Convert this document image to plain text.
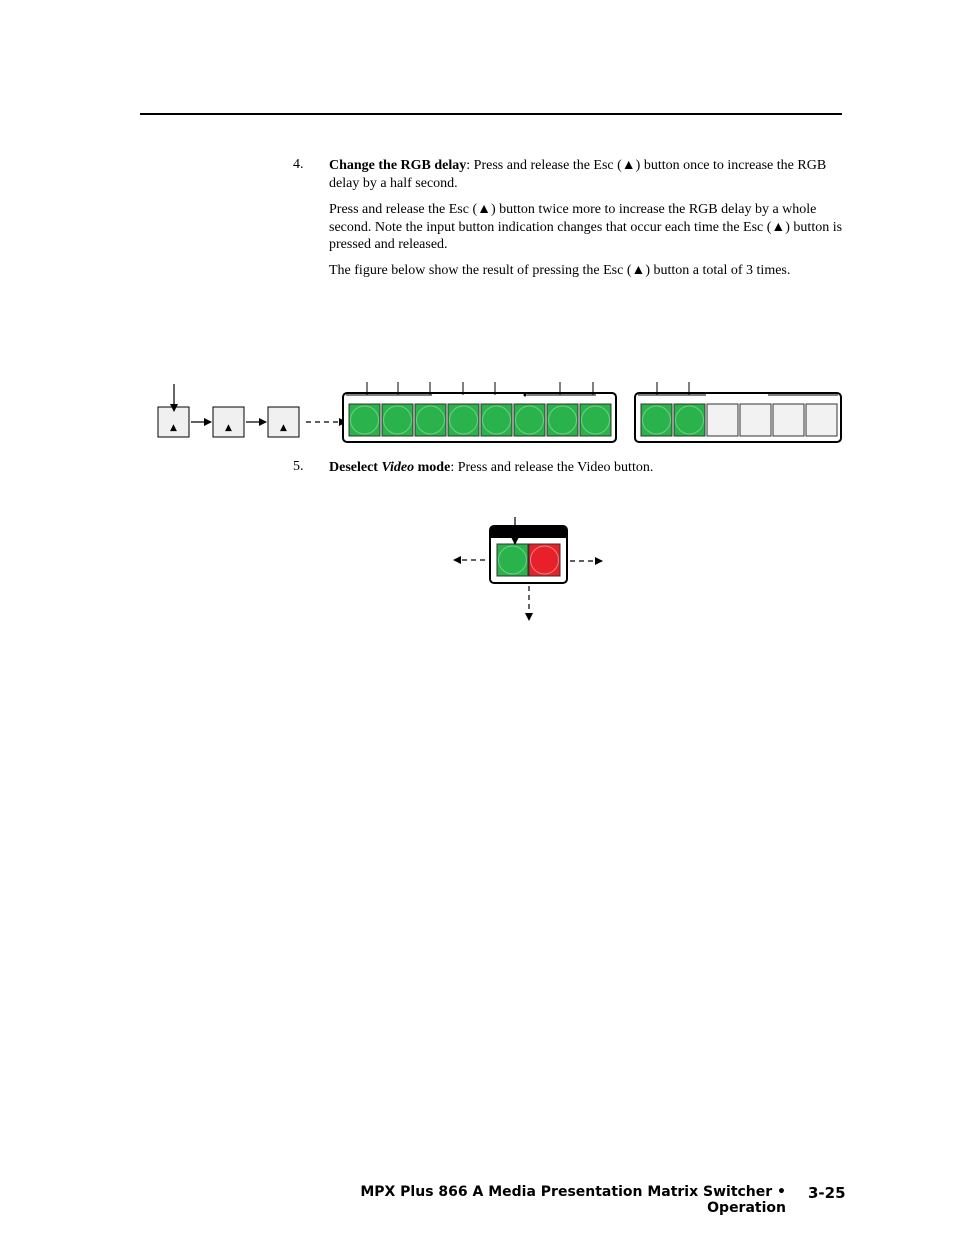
4. Change the RGB delay: Press and release the Esc (▲) button once to increase the RGB delay by a half second.
Press and release the Esc (▲) button twice more to increase the RGB delay by a whole second. Note the input button indication changes that occur each time the Esc (▲) button is pressed and released.
The figure below show the result of pressing the Esc (▲) button a total of 3 times.
▲	▲	▲
5. Deselect Video mode: Press and release the Video button.
MPX Plus 866 A Media Presentation Matrix Switcher • Operation
3-25
